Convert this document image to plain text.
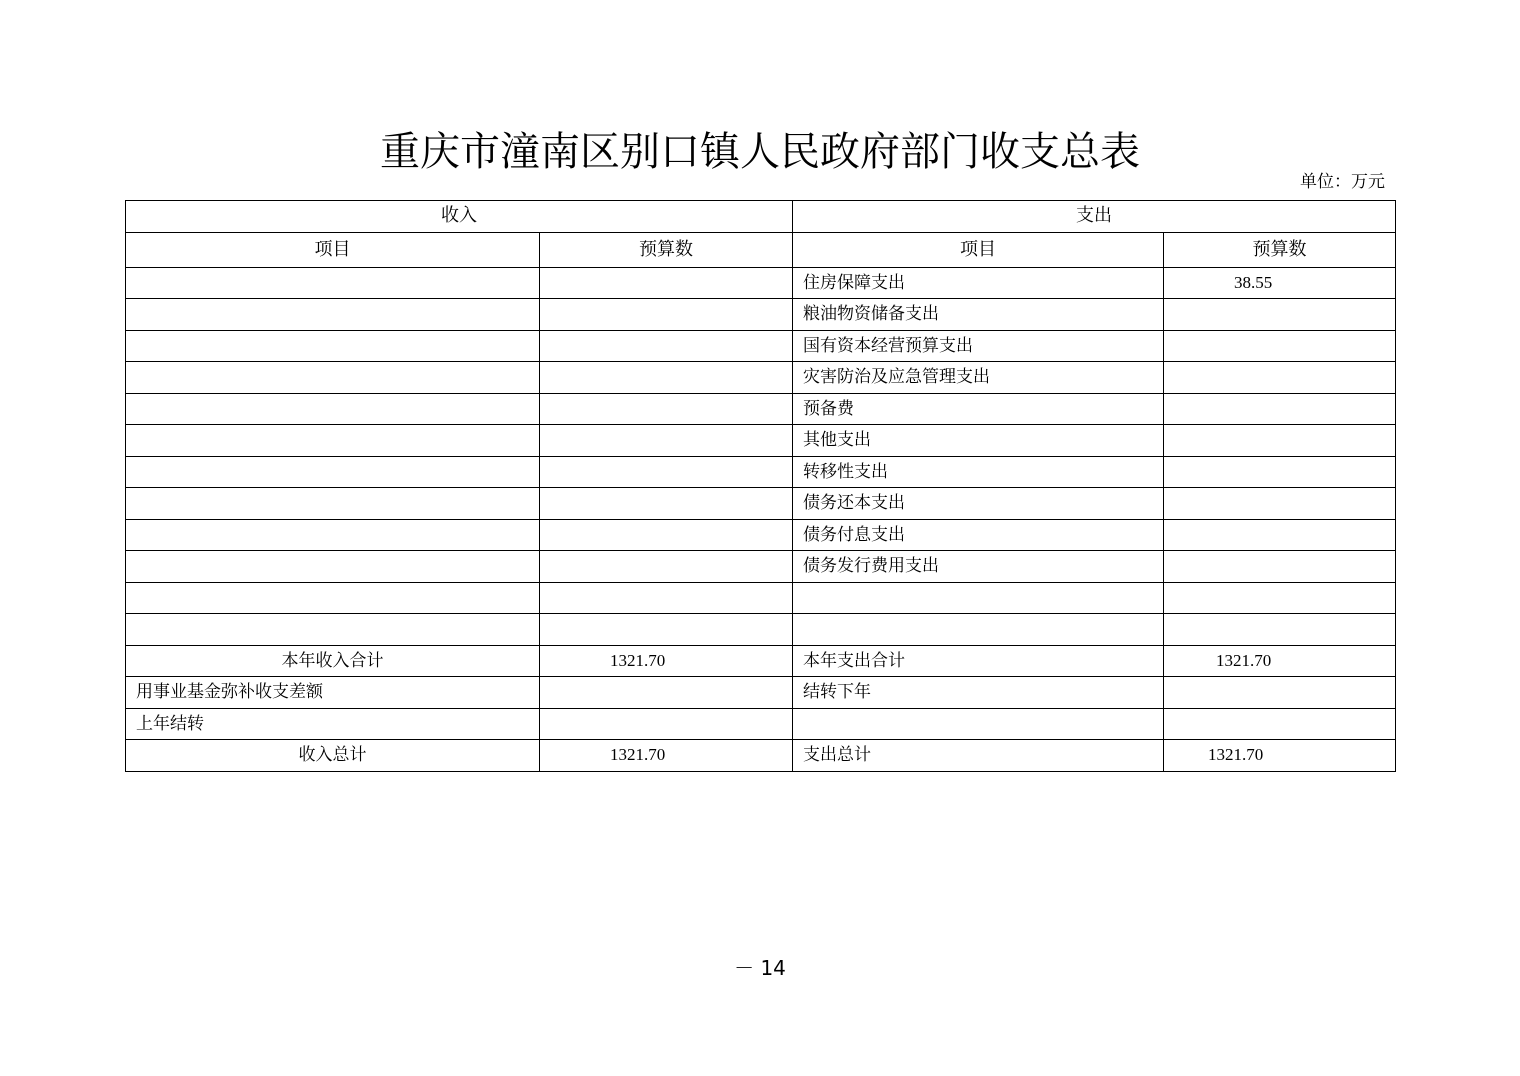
重庆市潼南区别口镇人民政府部门收支总表
单位：万元
收入		支出	
项目	预算数	项目	预算数
		住房保障支出	38.55
		粮油物资储备支出	
		国有资本经营预算支出	
		灾害防治及应急管理支出	
		预备费	
		其他支出	
		转移性支出	
		债务还本支出	
		债务付息支出	
		债务发行费用支出	

本年收入合计	1321.70	本年支出合计	1321.70
用事业基金弥补收支差额		结转下年	
上年结转			
收入总计	1321.70	支出总计	1321.70
－ 14
